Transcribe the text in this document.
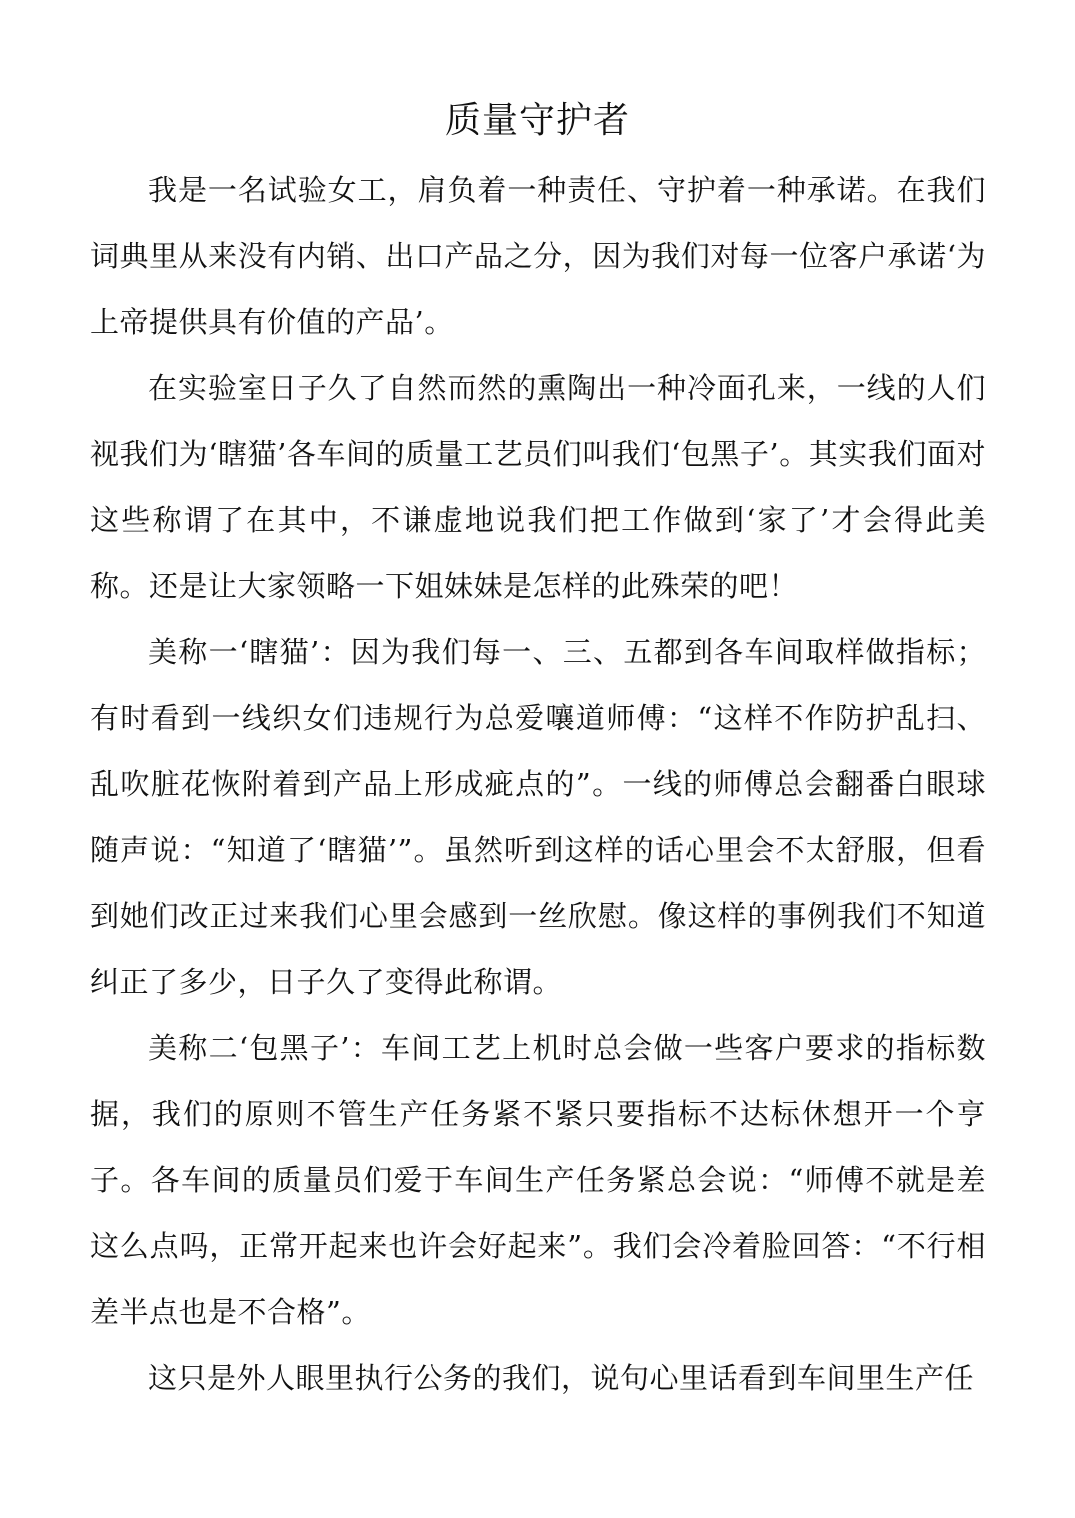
质量守护者

我是一名试验女工，肩负着一种责任、守护着一种承诺。在我们词典里从来没有内销、出口产品之分，因为我们对每一位客户承诺‘为上帝提供具有价值的产品’。

在实验室日子久了自然而然的熏陶出一种冷面孔来，一线的人们视我们为‘瞎猫’各车间的质量工艺员们叫我们‘包黑子’。其实我们面对这些称谓了在其中，不谦虚地说我们把工作做到‘家了’才会得此美称。还是让大家领略一下姐妹妹是怎样的此殊荣的吧！

美称一‘瞎猫’：因为我们每一、三、五都到各车间取样做指标；有时看到一线织女们违规行为总爱嚷道师傅：“这样不作防护乱扫、乱吹脏花恢附着到产品上形成疵点的”。一线的师傅总会翻番白眼球随声说：“知道了‘瞎猫’”。虽然听到这样的话心里会不太舒服，但看到她们改正过来我们心里会感到一丝欣慰。像这样的事例我们不知道纠正了多少，日子久了变得此称谓。

美称二‘包黑子’：车间工艺上机时总会做一些客户要求的指标数据，我们的原则不管生产任务紧不紧只要指标不达标休想开一个亨子。各车间的质量员们爱于车间生产任务紧总会说：“师傅不就是差这么点吗，正常开起来也许会好起来”。我们会冷着脸回答：“不行相差半点也是不合格”。

这只是外人眼里执行公务的我们，说句心里话看到车间里生产任
